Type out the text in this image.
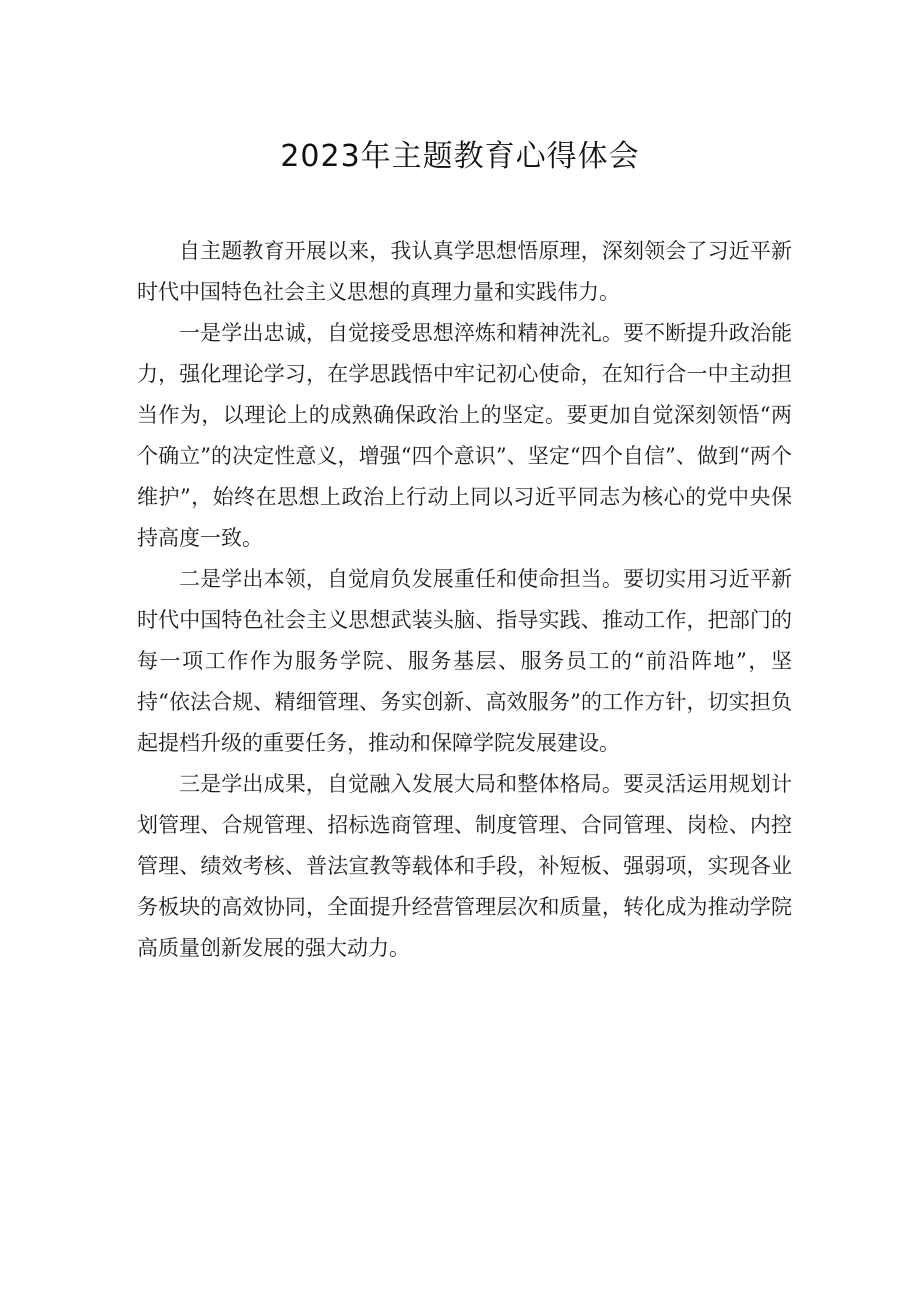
2023年主题教育心得体会

自主题教育开展以来，我认真学思想悟原理，深刻领会了习近平新时代中国特色社会主义思想的真理力量和实践伟力。

一是学出忠诚，自觉接受思想淬炼和精神洗礼。要不断提升政治能力，强化理论学习，在学思践悟中牢记初心使命，在知行合一中主动担当作为，以理论上的成熟确保政治上的坚定。要更加自觉深刻领悟“两个确立”的决定性意义，增强“四个意识”、坚定“四个自信”、做到“两个维护”，始终在思想上政治上行动上同以习近平同志为核心的党中央保持高度一致。

二是学出本领，自觉肩负发展重任和使命担当。要切实用习近平新时代中国特色社会主义思想武装头脑、指导实践、推动工作，把部门的每一项工作作为服务学院、服务基层、服务员工的“前沿阵地”，坚持“依法合规、精细管理、务实创新、高效服务”的工作方针，切实担负起提档升级的重要任务，推动和保障学院发展建设。

三是学出成果，自觉融入发展大局和整体格局。要灵活运用规划计划管理、合规管理、招标选商管理、制度管理、合同管理、岗检、内控管理、绩效考核、普法宣教等载体和手段，补短板、强弱项，实现各业务板块的高效协同，全面提升经营管理层次和质量，转化成为推动学院高质量创新发展的强大动力。
